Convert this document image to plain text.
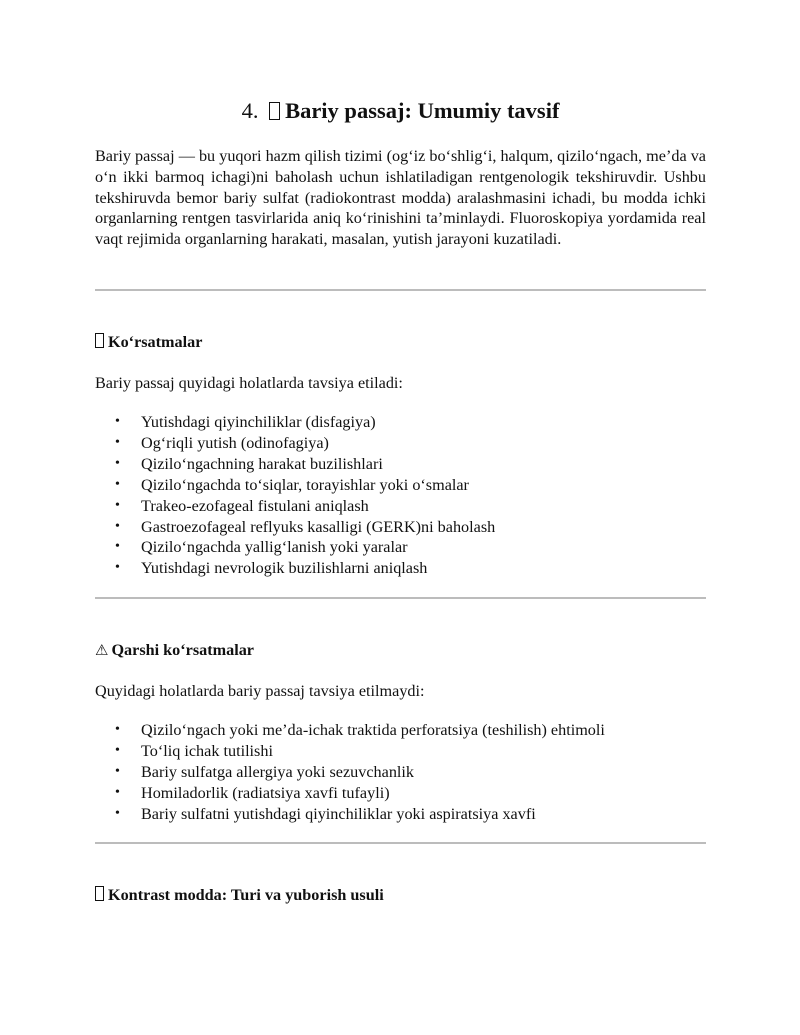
4. Bariy passaj: Umumiy tavsif

Bariy passaj — bu yuqori hazm qilish tizimi (og‘iz bo‘shlig‘i, halqum, qizilo‘ngach, me’da va o‘n ikki barmoq ichagi)ni baholash uchun ishlatiladigan rentgenologik tekshiruvdir. Ushbu tekshiruvda bemor bariy sulfat (radiokontrast modda) aralashmasini ichadi, bu modda ichki organlarning rentgen tasvirlarida aniq ko‘rinishini ta’minlaydi. Fluoroskopiya yordamida real vaqt rejimida organlarning harakati, masalan, yutish jarayoni kuzatiladi.

Ko‘rsatmalar

Bariy passaj quyidagi holatlarda tavsiya etiladi:

• Yutishdagi qiyinchiliklar (disfagiya)
• Og‘riqli yutish (odinofagiya)
• Qizilo‘ngachning harakat buzilishlari
• Qizilo‘ngachda to‘siqlar, torayishlar yoki o‘smalar
• Trakeo-ezofageal fistulani aniqlash
• Gastroezofageal reflyuks kasalligi (GERK)ni baholash
• Qizilo‘ngachda yallig‘lanish yoki yaralar
• Yutishdagi nevrologik buzilishlarni aniqlash
⚠ Qarshi ko‘rsatmalar

Quyidagi holatlarda bariy passaj tavsiya etilmaydi:

• Qizilo‘ngach yoki me’da-ichak traktida perforatsiya (teshilish) ehtimoli
• To‘liq ichak tutilishi
• Bariy sulfatga allergiya yoki sezuvchanlik
• Homiladorlik (radiatsiya xavfi tufayli)
• Bariy sulfatni yutishdagi qiyinchiliklar yoki aspiratsiya xavfi
Kontrast modda: Turi va yuborish usuli
